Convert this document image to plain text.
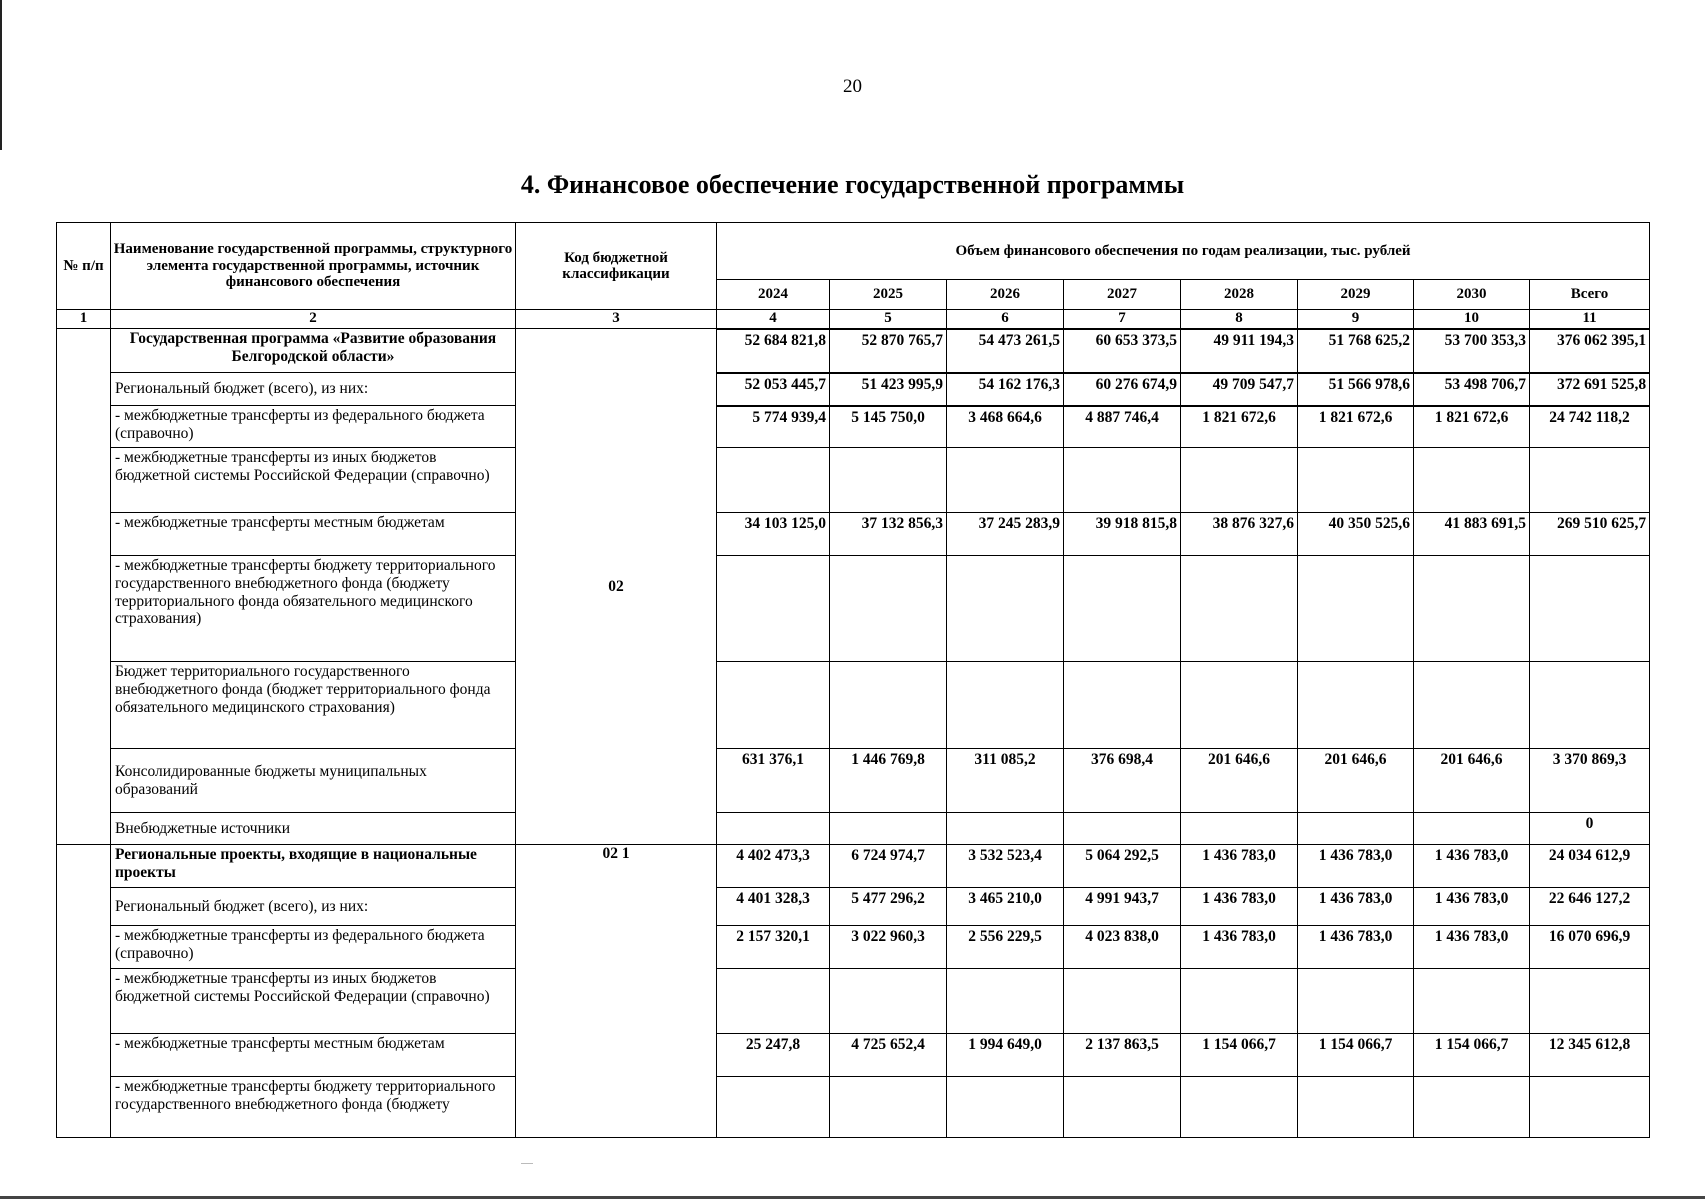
20
4. Финансовое обеспечение государственной программы
№ п/п	Наименование государственной программы, структурного элемента государственной программы, источник финансового обеспечения	Код бюджетной классификации	Объем финансового обеспечения по годам реализации, тыс. рублей							
			2024	2025	2026	2027	2028	2029	2030	Всего
1	2	3	4	5	6	7	8	9	10	11
	Государственная программа «Развитие образования Белгородской области»	02	52 684 821,8	52 870 765,7	54 473 261,5	60 653 373,5	49 911 194,3	51 768 625,2	53 700 353,3	376 062 395,1
	Региональный бюджет (всего), из них:		52 053 445,7	51 423 995,9	54 162 176,3	60 276 674,9	49 709 547,7	51 566 978,6	53 498 706,7	372 691 525,8
	- межбюджетные трансферты из федерального бюджета (справочно)		5 774 939,4	5 145 750,0	3 468 664,6	4 887 746,4	1 821 672,6	1 821 672,6	1 821 672,6	24 742 118,2
	- межбюджетные трансферты из иных бюджетов бюджетной системы Российской Федерации (справочно)									
	- межбюджетные трансферты местным бюджетам		34 103 125,0	37 132 856,3	37 245 283,9	39 918 815,8	38 876 327,6	40 350 525,6	41 883 691,5	269 510 625,7
	- межбюджетные трансферты бюджету территориального государственного внебюджетного фонда (бюджету территориального фонда обязательного медицинского страхования)									
	Бюджет территориального государственного внебюджетного фонда (бюджет территориального фонда обязательного медицинского страхования)									
	Консолидированные бюджеты муниципальных образований		631 376,1	1 446 769,8	311 085,2	376 698,4	201 646,6	201 646,6	201 646,6	3 370 869,3
	Внебюджетные источники									0
	Региональные проекты, входящие в национальные проекты	02 1	4 402 473,3	6 724 974,7	3 532 523,4	5 064 292,5	1 436 783,0	1 436 783,0	1 436 783,0	24 034 612,9
	Региональный бюджет (всего), из них:		4 401 328,3	5 477 296,2	3 465 210,0	4 991 943,7	1 436 783,0	1 436 783,0	1 436 783,0	22 646 127,2
	- межбюджетные трансферты из федерального бюджета (справочно)		2 157 320,1	3 022 960,3	2 556 229,5	4 023 838,0	1 436 783,0	1 436 783,0	1 436 783,0	16 070 696,9
	- межбюджетные трансферты из иных бюджетов бюджетной системы Российской Федерации (справочно)									
	- межбюджетные трансферты местным бюджетам		25 247,8	4 725 652,4	1 994 649,0	2 137 863,5	1 154 066,7	1 154 066,7	1 154 066,7	12 345 612,8
	- межбюджетные трансферты бюджету территориального государственного внебюджетного фонда (бюджету									
